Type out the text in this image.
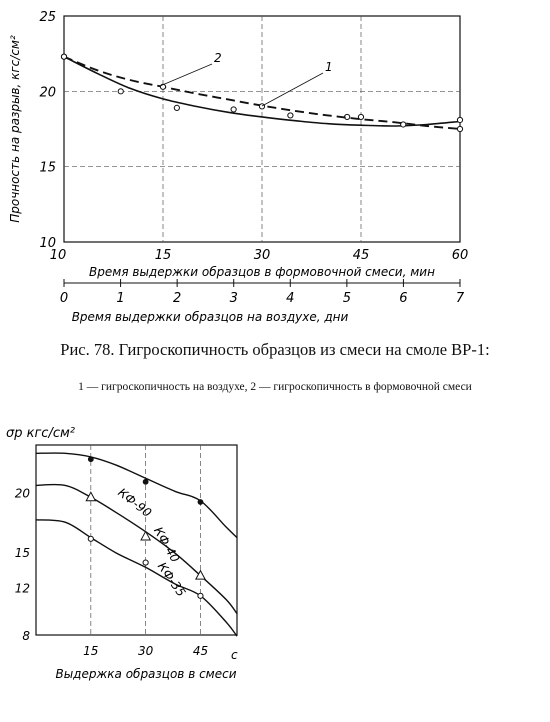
10
15
20
25
15	30	45	60
10
0	1	2	3	4	5	6	7
Прочность на разрыв, кгс/см²
Время выдержки образцов в формовочной смеси, мин
Время выдержки образцов на воздухе, дни
2
1
Рис. 78. Гигроскопичность образцов из смеси на смоле ВР-1:
1 — гигроскопичность на воздухе, 2 — гигроскопичность в формовочной смеси
8
12
15
20
15	30	45
КФ-90
КФ-40
КФ-35
σр кгс/см²
с
Выдержка образцов в смеси
